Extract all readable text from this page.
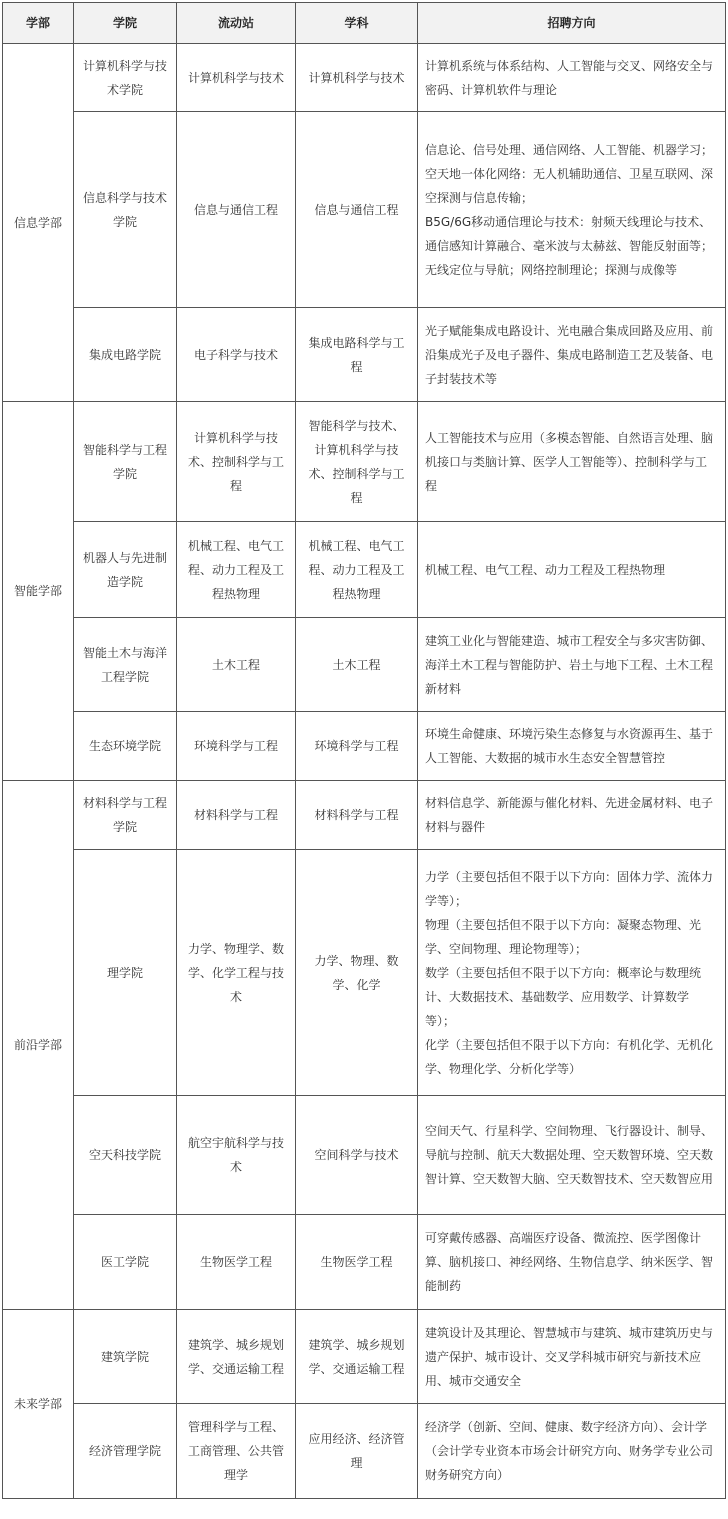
学部	学院	流动站	学科	招聘方向
信息学部	计算机科学与技术学院	计算机科学与技术	计算机科学与技术	计算机系统与体系结构、人工智能与交叉、网络安全与密码、计算机软件与理论

	信息科学与技术学院	信息与通信工程	信息与通信工程	信息论、信号处理、通信网络、人工智能、机器学习；空天地一体化网络：无人机辅助通信、卫星互联网、深空探测与信息传输；
B5G/6G移动通信理论与技术：射频天线理论与技术、通信感知计算融合、毫米波与太赫兹、智能反射面等；
无线定位与导航；网络控制理论；探测与成像等

	集成电路学院	电子科学与技术	集成电路科学与工程	光子赋能集成电路设计、光电融合集成回路及应用、前沿集成光子及电子器件、集成电路制造工艺及装备、电子封装技术等

智能学部	智能科学与工程学院	计算机科学与技术、控制科学与工程	智能科学与技术、计算机科学与技术、控制科学与工程	人工智能技术与应用（多模态智能、自然语言处理、脑机接口与类脑计算、医学人工智能等）、控制科学与工程

	机器人与先进制造学院	机械工程、电气工程、动力工程及工程热物理	机械工程、电气工程、动力工程及工程热物理	机械工程、电气工程、动力工程及工程热物理

	智能土木与海洋工程学院	土木工程	土木工程	建筑工业化与智能建造、城市工程安全与多灾害防御、海洋土木工程与智能防护、岩土与地下工程、土木工程新材料

	生态环境学院	环境科学与工程	环境科学与工程	环境生命健康、环境污染生态修复与水资源再生、基于人工智能、大数据的城市水生态安全智慧管控

前沿学部	材料科学与工程学院	材料科学与工程	材料科学与工程	材料信息学、新能源与催化材料、先进金属材料、电子材料与器件

	理学院	力学、物理学、数学、化学工程与技术	力学、物理、数学、化学	力学（主要包括但不限于以下方向：固体力学、流体力学等）；
物理（主要包括但不限于以下方向：凝聚态物理、光学、空间物理、理论物理等）；
数学（主要包括但不限于以下方向：概率论与数理统计、大数据技术、基础数学、应用数学、计算数学等）；
化学（主要包括但不限于以下方向：有机化学、无机化学、物理化学、分析化学等）

	空天科技学院	航空宇航科学与技术	空间科学与技术	空间天气、行星科学、空间物理、飞行器设计、制导、导航与控制、航天大数据处理、空天数智环境、空天数智计算、空天数智大脑、空天数智技术、空天数智应用

	医工学院	生物医学工程	生物医学工程	可穿戴传感器、高端医疗设备、微流控、医学图像计算、脑机接口、神经网络、生物信息学、纳米医学、智能制药

未来学部	建筑学院	建筑学、城乡规划学、交通运输工程	建筑学、城乡规划学、交通运输工程	建筑设计及其理论、智慧城市与建筑、城市建筑历史与遗产保护、城市设计、交叉学科城市研究与新技术应用、城市交通安全

	经济管理学院	管理科学与工程、工商管理、公共管理学	应用经济、经济管理	经济学（创新、空间、健康、数字经济方向）、会计学（会计学专业资本市场会计研究方向、财务学专业公司财务研究方向）
